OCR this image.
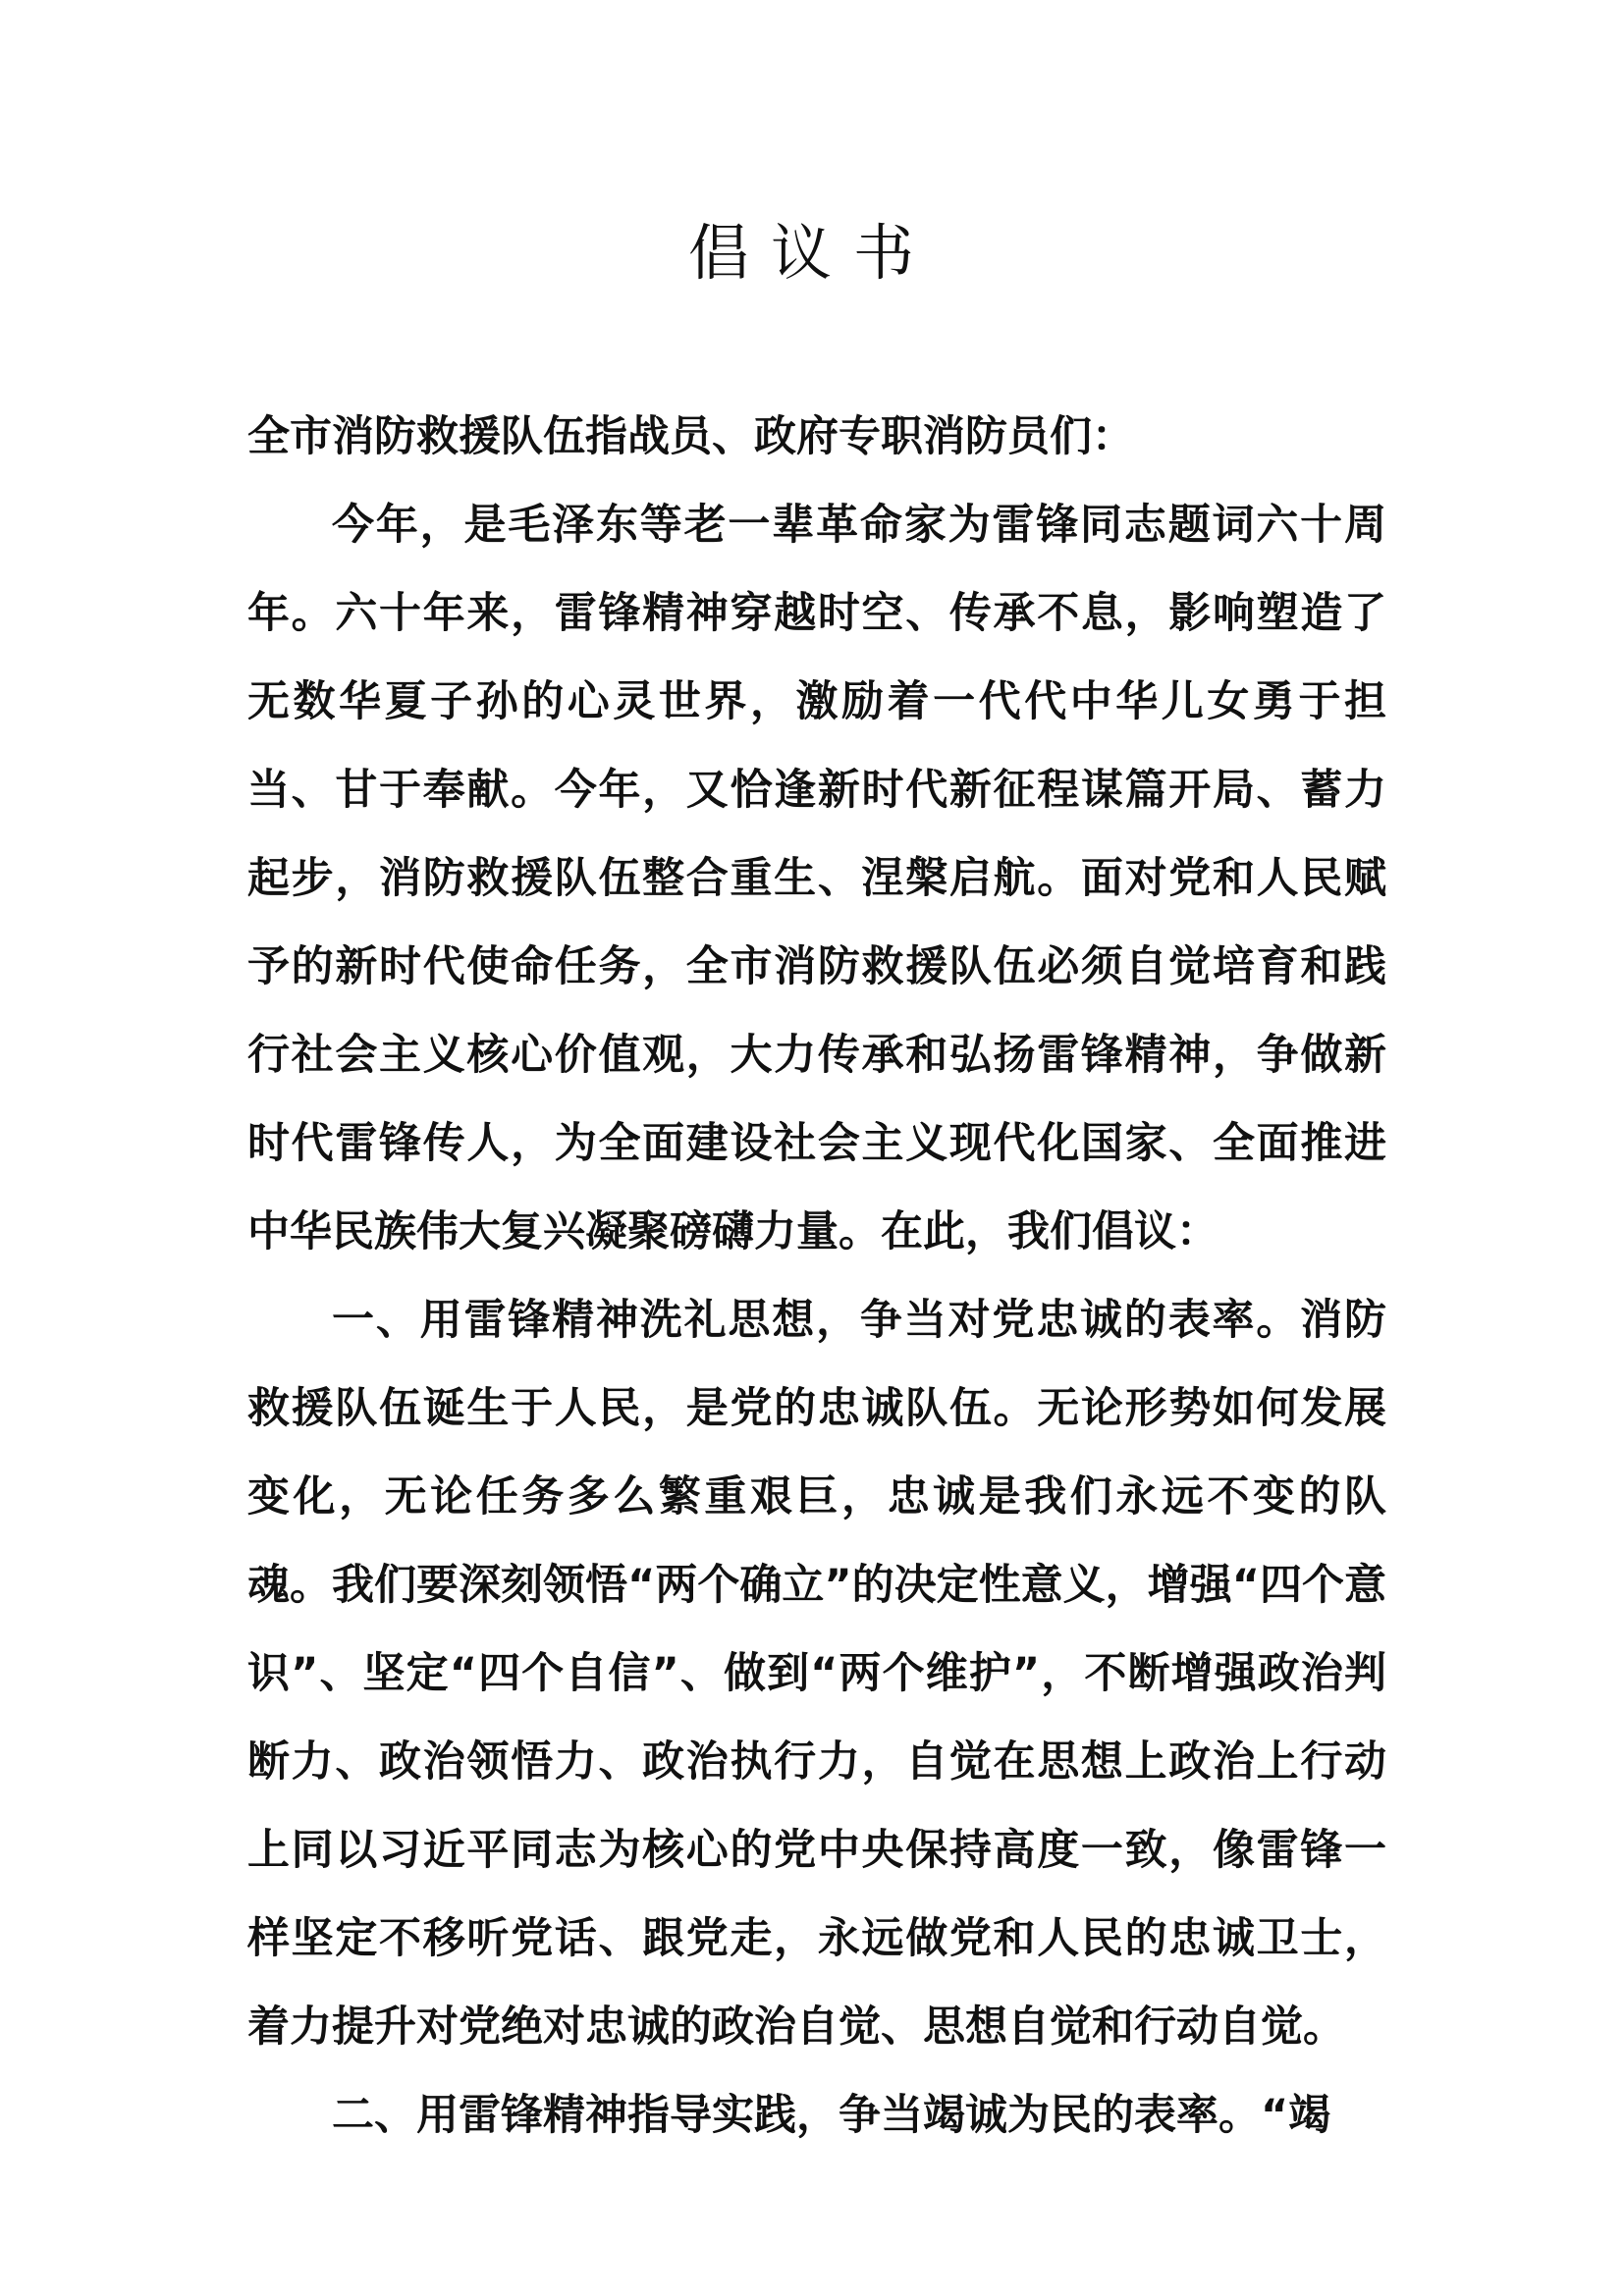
倡议书

全市消防救援队伍指战员、政府专职消防员们：

今年，是毛泽东等老一辈革命家为雷锋同志题词六十周年。六十年来，雷锋精神穿越时空、传承不息，影响塑造了无数华夏子孙的心灵世界，激励着一代代中华儿女勇于担当、甘于奉献。今年，又恰逢新时代新征程谋篇开局、蓄力起步，消防救援队伍整合重生、涅槃启航。面对党和人民赋予的新时代使命任务，全市消防救援队伍必须自觉培育和践行社会主义核心价值观，大力传承和弘扬雷锋精神，争做新时代雷锋传人，为全面建设社会主义现代化国家、全面推进中华民族伟大复兴凝聚磅礴力量。在此，我们倡议：

一、用雷锋精神洗礼思想，争当对党忠诚的表率。消防救援队伍诞生于人民，是党的忠诚队伍。无论形势如何发展变化，无论任务多么繁重艰巨，忠诚是我们永远不变的队魂。我们要深刻领悟“两个确立”的决定性意义，增强“四个意识”、坚定“四个自信”、做到“两个维护”，不断增强政治判断力、政治领悟力、政治执行力，自觉在思想上政治上行动上同以习近平同志为核心的党中央保持高度一致，像雷锋一样坚定不移听党话、跟党走，永远做党和人民的忠诚卫士，着力提升对党绝对忠诚的政治自觉、思想自觉和行动自觉。

二、用雷锋精神指导实践，争当竭诚为民的表率。“竭
